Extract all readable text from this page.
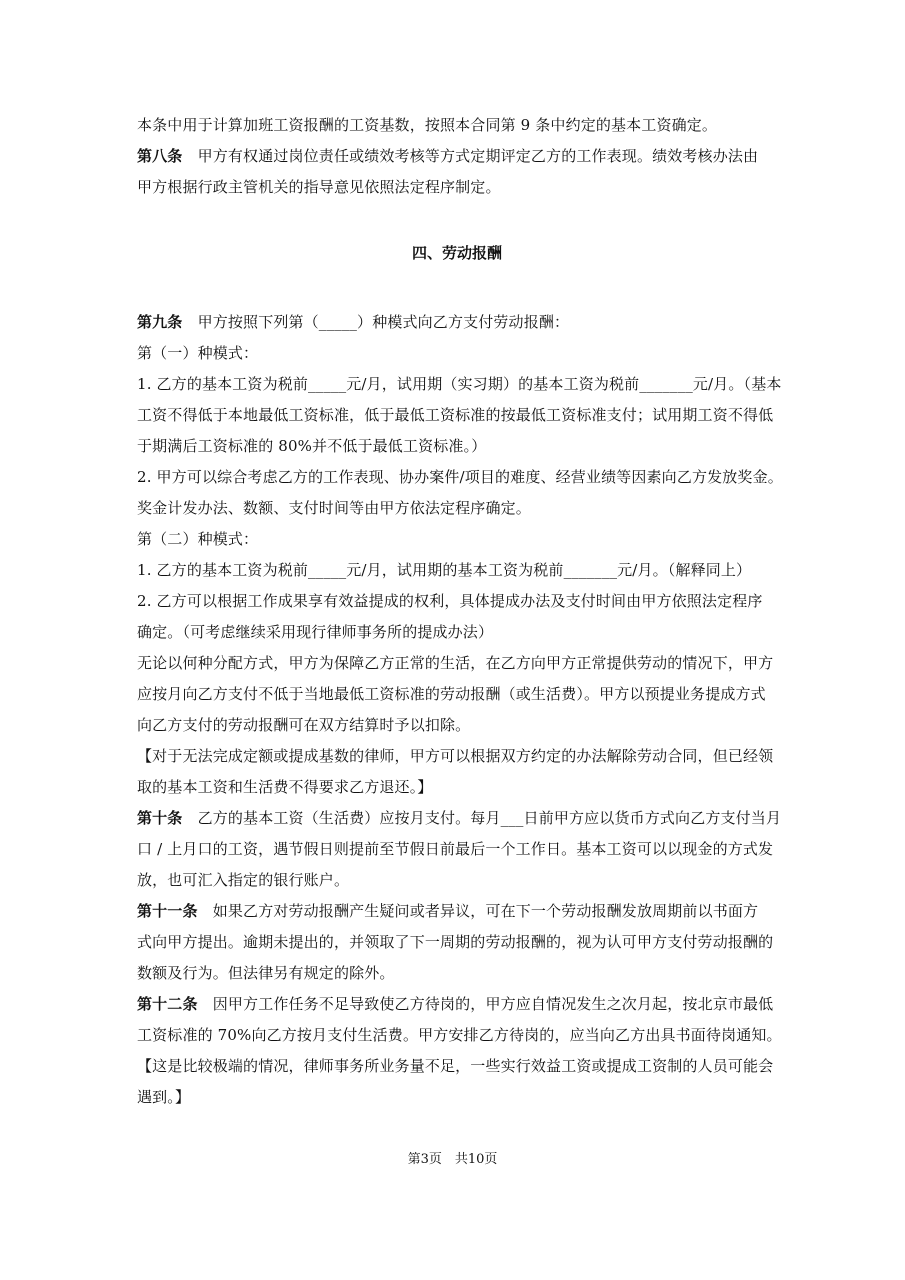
本条中用于计算加班工资报酬的工资基数，按照本合同第 9 条中约定的基本工资确定。
第八条　甲方有权通过岗位责任或绩效考核等方式定期评定乙方的工作表现。绩效考核办法由
甲方根据行政主管机关的指导意见依照法定程序制定。
四、劳动报酬
第九条　甲方按照下列第（_____）种模式向乙方支付劳动报酬：
第（一）种模式：
1. 乙方的基本工资为税前_____元/月，试用期（实习期）的基本工资为税前_______元/月。（基本
工资不得低于本地最低工资标准，低于最低工资标准的按最低工资标准支付；试用期工资不得低
于期满后工资标准的 80%并不低于最低工资标准。）
2. 甲方可以综合考虑乙方的工作表现、协办案件/项目的难度、经营业绩等因素向乙方发放奖金。
奖金计发办法、数额、支付时间等由甲方依法定程序确定。
第（二）种模式：
1. 乙方的基本工资为税前_____元/月，试用期的基本工资为税前_______元/月。（解释同上）
2. 乙方可以根据工作成果享有效益提成的权利，具体提成办法及支付时间由甲方依照法定程序
确定。（可考虑继续采用现行律师事务所的提成办法）
无论以何种分配方式，甲方为保障乙方正常的生活，在乙方向甲方正常提供劳动的情况下，甲方
应按月向乙方支付不低于当地最低工资标准的劳动报酬（或生活费）。甲方以预提业务提成方式
向乙方支付的劳动报酬可在双方结算时予以扣除。
【对于无法完成定额或提成基数的律师，甲方可以根据双方约定的办法解除劳动合同，但已经领
取的基本工资和生活费不得要求乙方退还。】
第十条　乙方的基本工资（生活费）应按月支付。每月___日前甲方应以货币方式向乙方支付当月
口 / 上月口的工资，遇节假日则提前至节假日前最后一个工作日。基本工资可以以现金的方式发
放，也可汇入指定的银行账户。
第十一条　如果乙方对劳动报酬产生疑问或者异议，可在下一个劳动报酬发放周期前以书面方
式向甲方提出。逾期未提出的，并领取了下一周期的劳动报酬的，视为认可甲方支付劳动报酬的
数额及行为。但法律另有规定的除外。
第十二条　因甲方工作任务不足导致使乙方待岗的，甲方应自情况发生之次月起，按北京市最低
工资标准的 70%向乙方按月支付生活费。甲方安排乙方待岗的，应当向乙方出具书面待岗通知。
【这是比较极端的情况，律师事务所业务量不足，一些实行效益工资或提成工资制的人员可能会
遇到。】
第3页　共10页
